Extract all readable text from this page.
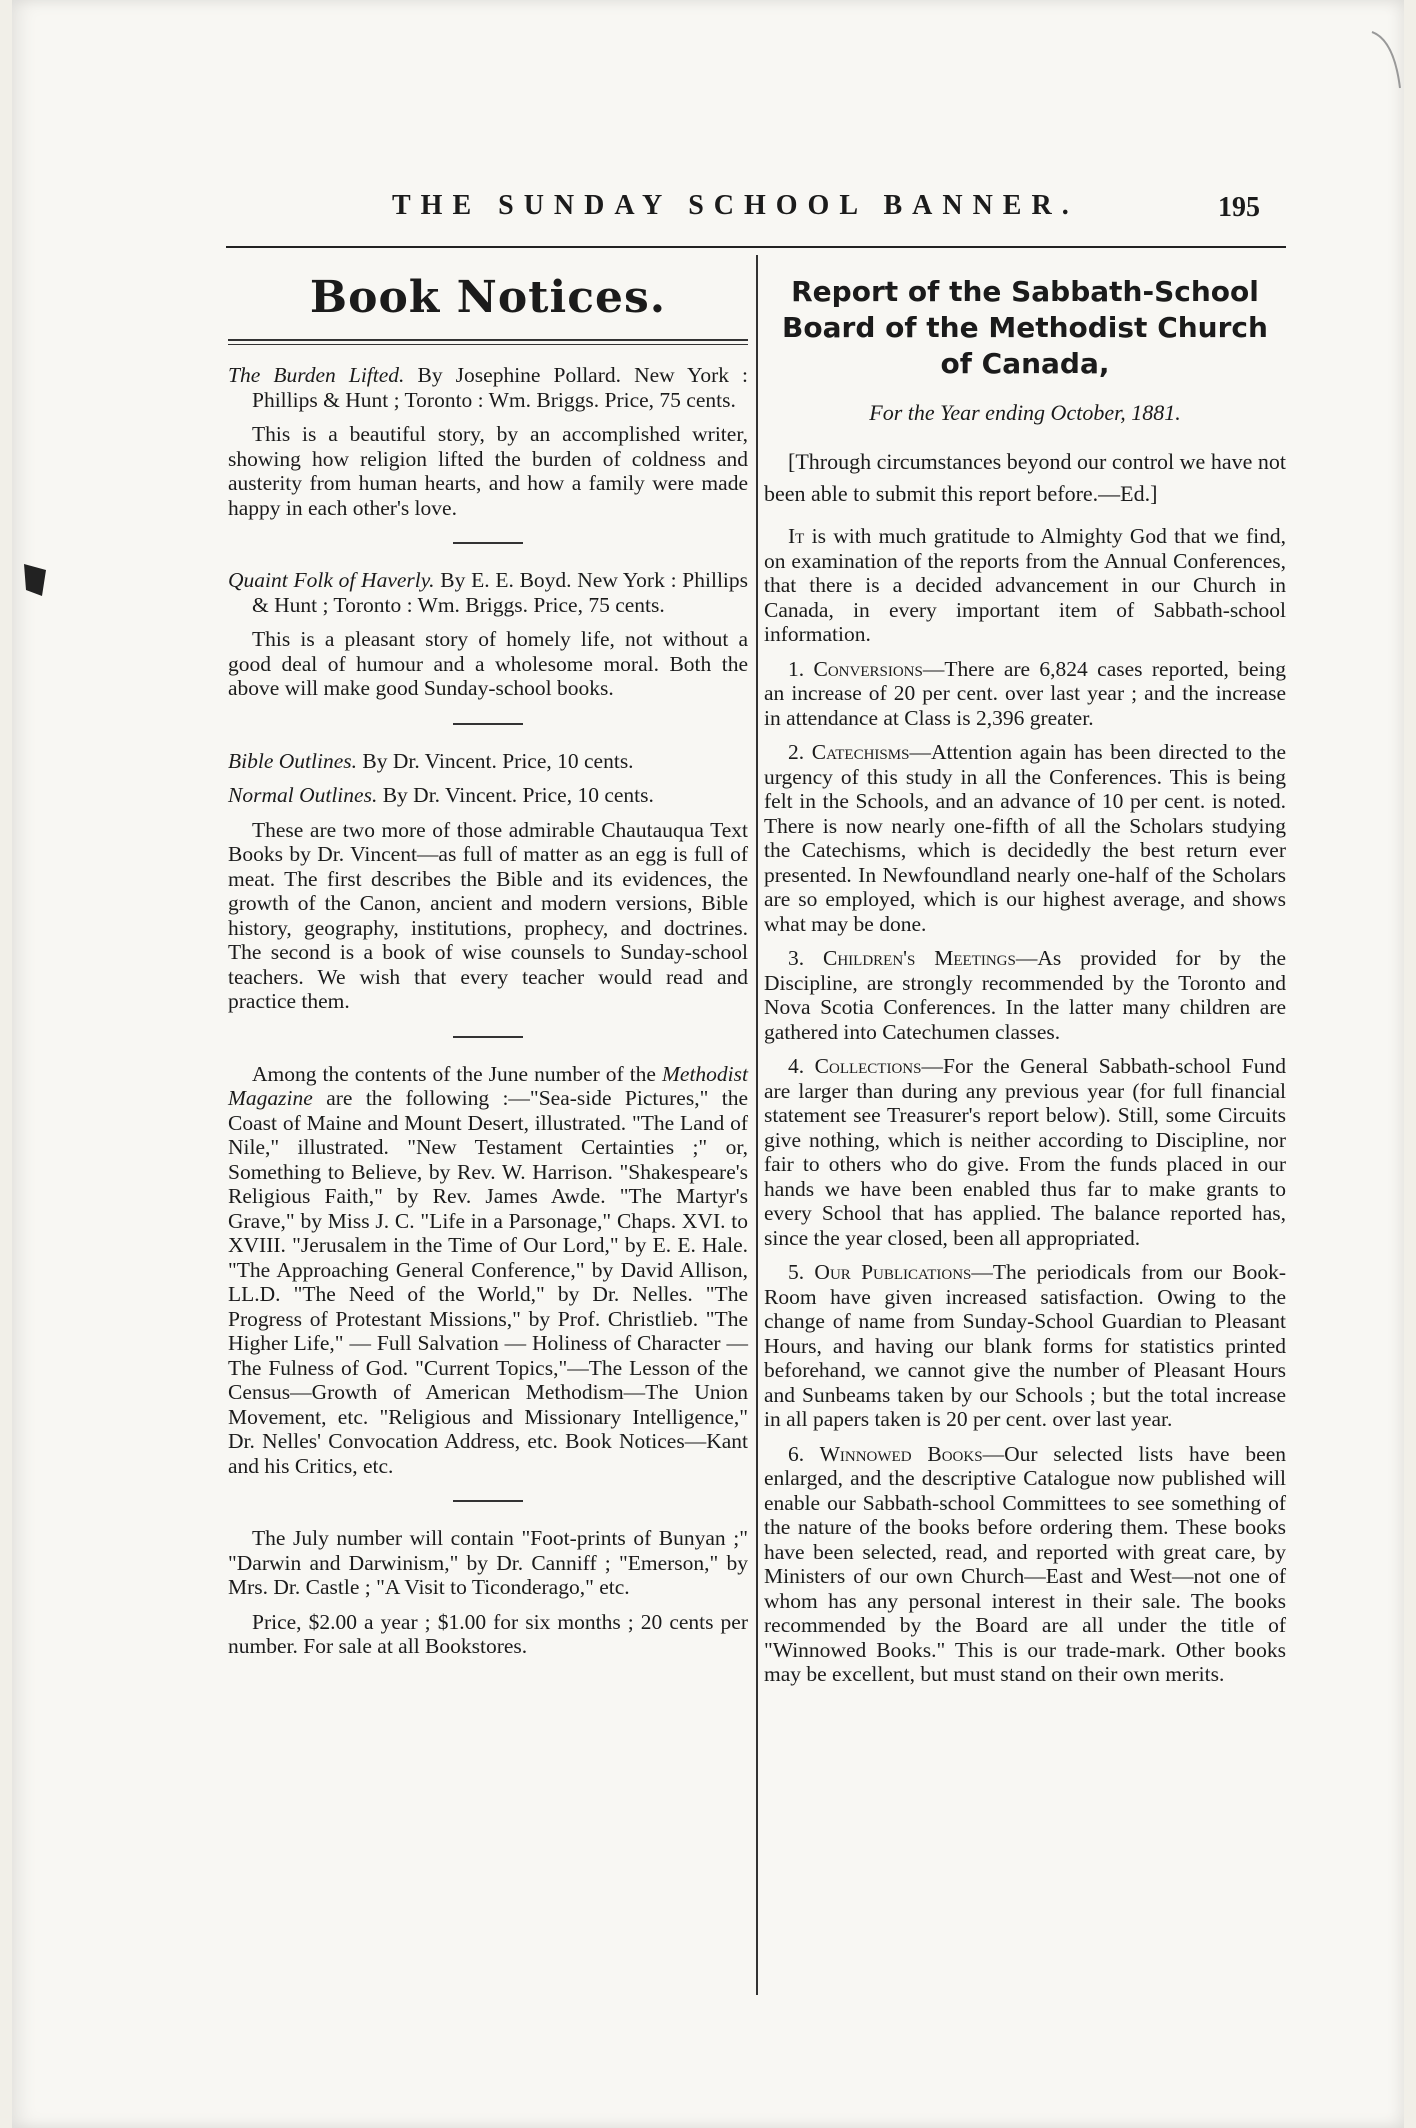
THE SUNDAY SCHOOL BANNER.	195
Book Notices.

The Burden Lifted. By Josephine Pollard. New York : Phillips & Hunt ; Toronto : Wm. Briggs. Price, 75 cents.

This is a beautiful story, by an accomplished writer, showing how religion lifted the burden of coldness and austerity from human hearts, and how a family were made happy in each other's love.

Quaint Folk of Haverly. By E. E. Boyd. New York : Phillips & Hunt ; Toronto : Wm. Briggs. Price, 75 cents.

This is a pleasant story of homely life, not without a good deal of humour and a wholesome moral. Both the above will make good Sunday-school books.

Bible Outlines. By Dr. Vincent. Price, 10 cents.

Normal Outlines. By Dr. Vincent. Price, 10 cents.

These are two more of those admirable Chautauqua Text Books by Dr. Vincent—as full of matter as an egg is full of meat. The first describes the Bible and its evidences, the growth of the Canon, ancient and modern versions, Bible history, geography, institutions, prophecy, and doctrines. The second is a book of wise counsels to Sunday-school teachers. We wish that every teacher would read and practice them.

Among the contents of the June number of the Methodist Magazine are the following :—"Sea-side Pictures," the Coast of Maine and Mount Desert, illustrated. "The Land of Nile," illustrated. "New Testament Certainties ;" or, Something to Believe, by Rev. W. Harrison. "Shakespeare's Religious Faith," by Rev. James Awde. "The Martyr's Grave," by Miss J. C. "Life in a Parsonage," Chaps. XVI. to XVIII. "Jerusalem in the Time of Our Lord," by E. E. Hale. "The Approaching General Conference," by David Allison, LL.D. "The Need of the World," by Dr. Nelles. "The Progress of Protestant Missions," by Prof. Christlieb. "The Higher Life," — Full Salvation — Holiness of Character — The Fulness of God. "Current Topics,"—The Lesson of the Census—Growth of American Methodism—The Union Movement, etc. "Religious and Missionary Intelligence," Dr. Nelles' Convocation Address, etc. Book Notices—Kant and his Critics, etc.

The July number will contain "Foot-prints of Bunyan ;" "Darwin and Darwinism," by Dr. Canniff ; "Emerson," by Mrs. Dr. Castle ; "A Visit to Ticonderago," etc.

Price, $2.00 a year ; $1.00 for six months ; 20 cents per number. For sale at all Bookstores.

Report of the Sabbath-School Board of the Methodist Church of Canada,
For the Year ending October, 1881.

[Through circumstances beyond our control we have not been able to submit this report before.—Ed.]

It is with much gratitude to Almighty God that we find, on examination of the reports from the Annual Conferences, that there is a decided advancement in our Church in Canada, in every important item of Sabbath-school information.

1. Conversions—There are 6,824 cases reported, being an increase of 20 per cent. over last year ; and the increase in attendance at Class is 2,396 greater.

2. Catechisms—Attention again has been directed to the urgency of this study in all the Conferences. This is being felt in the Schools, and an advance of 10 per cent. is noted. There is now nearly one-fifth of all the Scholars studying the Catechisms, which is decidedly the best return ever presented. In Newfoundland nearly one-half of the Scholars are so employed, which is our highest average, and shows what may be done.

3. Children's Meetings—As provided for by the Discipline, are strongly recommended by the Toronto and Nova Scotia Conferences. In the latter many children are gathered into Catechumen classes.

4. Collections—For the General Sabbath-school Fund are larger than during any previous year (for full financial statement see Treasurer's report below). Still, some Circuits give nothing, which is neither according to Discipline, nor fair to others who do give. From the funds placed in our hands we have been enabled thus far to make grants to every School that has applied. The balance reported has, since the year closed, been all appropriated.

5. Our Publications—The periodicals from our Book-Room have given increased satisfaction. Owing to the change of name from Sunday-School Guardian to Pleasant Hours, and having our blank forms for statistics printed beforehand, we cannot give the number of Pleasant Hours and Sunbeams taken by our Schools ; but the total increase in all papers taken is 20 per cent. over last year.

6. Winnowed Books—Our selected lists have been enlarged, and the descriptive Catalogue now published will enable our Sabbath-school Committees to see something of the nature of the books before ordering them. These books have been selected, read, and reported with great care, by Ministers of our own Church—East and West—not one of whom has any personal interest in their sale. The books recommended by the Board are all under the title of "Winnowed Books." This is our trade-mark. Other books may be excellent, but must stand on their own merits.
